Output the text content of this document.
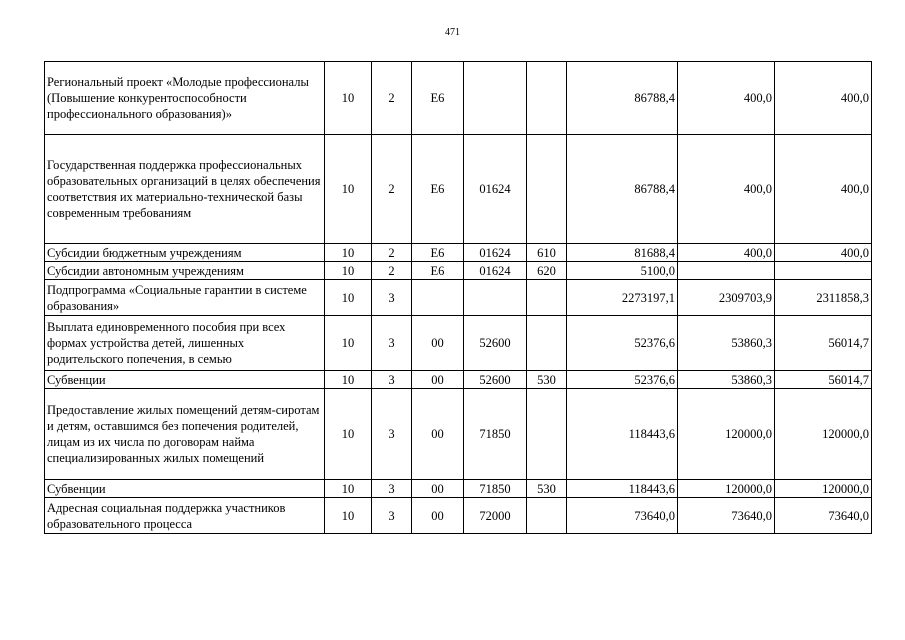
471
Региональный проект «Молодые профессионалы (Повышение конкурентоспособности профессионального образования)»	10	2	Е6			86788,4	400,0	400,0
Государственная поддержка профессиональных образовательных организаций в целях обеспечения соответствия их материально-технической базы современным требованиям	10	2	Е6	01624		86788,4	400,0	400,0
Субсидии бюджетным учреждениям	10	2	Е6	01624	610	81688,4	400,0	400,0
Субсидии автономным учреждениям	10	2	Е6	01624	620	5100,0		
Подпрограмма «Социальные гарантии в системе образования»	10	3				2273197,1	2309703,9	2311858,3
Выплата единовременного пособия при всех формах устройства детей, лишенных родительского попечения, в семью	10	3	00	52600		52376,6	53860,3	56014,7
Субвенции	10	3	00	52600	530	52376,6	53860,3	56014,7
Предоставление жилых помещений детям-сиротам и детям, оставшимся без попечения родителей, лицам из их числа по договорам найма специализированных жилых помещений	10	3	00	71850		118443,6	120000,0	120000,0
Субвенции	10	3	00	71850	530	118443,6	120000,0	120000,0
Адресная социальная поддержка участников образовательного процесса	10	3	00	72000		73640,0	73640,0	73640,0
